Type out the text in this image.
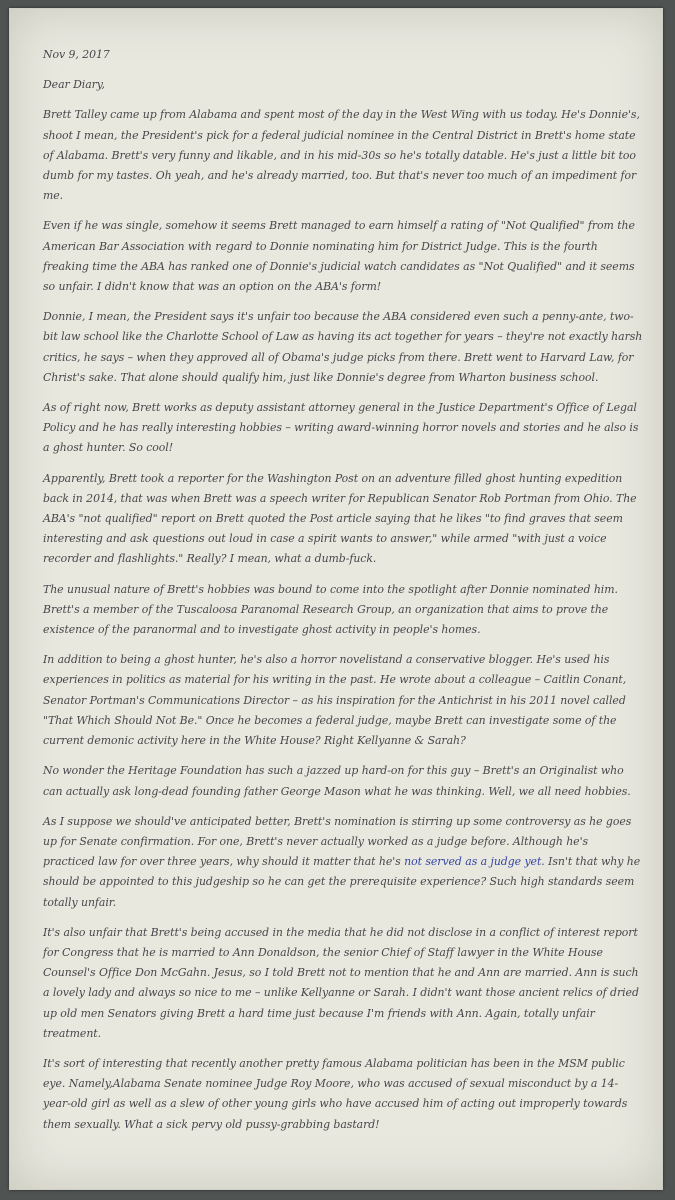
Nov 9, 2017

Dear Diary,

Brett Talley came up from Alabama and spent most of the day in the West Wing with us today. He's Donnie's, shoot I mean, the President's pick for a federal judicial nominee in the Central District in Brett's home state of Alabama. Brett's very funny and likable, and in his mid-30s so he's totally datable. He's just a little bit too dumb for my tastes. Oh yeah, and he's already married, too. But that's never too much of an impediment for me.

Even if he was single, somehow it seems Brett managed to earn himself a rating of "Not Qualified" from the American Bar Association with regard to Donnie nominating him for District Judge. This is the fourth freaking time the ABA has ranked one of Donnie's judicial watch candidates as "Not Qualified" and it seems so unfair. I didn't know that was an option on the ABA's form!

Donnie, I mean, the President says it's unfair too because the ABA considered even such a penny-ante, two-bit law school like the Charlotte School of Law as having its act together for years – they're not exactly harsh critics, he says – when they approved all of Obama's judge picks from there. Brett went to Harvard Law, for Christ's sake. That alone should qualify him, just like Donnie's degree from Wharton business school.

As of right now, Brett works as deputy assistant attorney general in the Justice Department's Office of Legal Policy and he has really interesting hobbies – writing award-winning horror novels and stories and he also is a ghost hunter. So cool!

Apparently, Brett took a reporter for the Washington Post on an adventure filled ghost hunting expedition back in 2014, that was when Brett was a speech writer for Republican Senator Rob Portman from Ohio. The ABA's "not qualified" report on Brett quoted the Post article saying that he likes "to find graves that seem interesting and ask questions out loud in case a spirit wants to answer," while armed "with just a voice recorder and flashlights." Really? I mean, what a dumb-fuck.

The unusual nature of Brett's hobbies was bound to come into the spotlight after Donnie nominated him. Brett's a member of the Tuscaloosa Paranomal Research Group, an organization that aims to prove the existence of the paranormal and to investigate ghost activity in people's homes.

In addition to being a ghost hunter, he's also a horror novelistand a conservative blogger. He's used his experiences in politics as material for his writing in the past. He wrote about a colleague – Caitlin Conant, Senator Portman's Communications Director – as his inspiration for the Antichrist in his 2011 novel called "That Which Should Not Be." Once he becomes a federal judge, maybe Brett can investigate some of the current demonic activity here in the White House? Right Kellyanne & Sarah?

No wonder the Heritage Foundation has such a jazzed up hard-on for this guy – Brett's an Originalist who can actually ask long-dead founding father George Mason what he was thinking. Well, we all need hobbies.

As I suppose we should've anticipated better, Brett's nomination is stirring up some controversy as he goes up for Senate confirmation. For one, Brett's never actually worked as a judge before. Although he's practiced law for over three years, why should it matter that he's not served as a judge yet. Isn't that why he should be appointed to this judgeship so he can get the prerequisite experience? Such high standards seem totally unfair.

It's also unfair that Brett's being accused in the media that he did not disclose in a conflict of interest report for Congress that he is married to Ann Donaldson, the senior Chief of Staff lawyer in the White House Counsel's Office Don McGahn. Jesus, so I told Brett not to mention that he and Ann are married. Ann is such a lovely lady and always so nice to me – unlike Kellyanne or Sarah. I didn't want those ancient relics of dried up old men Senators giving Brett a hard time just because I'm friends with Ann. Again, totally unfair treatment.

It's sort of interesting that recently another pretty famous Alabama politician has been in the MSM public eye. Namely,Alabama Senate nominee Judge Roy Moore, who was accused of sexual misconduct by a 14-year-old girl as well as a slew of other young girls who have accused him of acting out improperly towards them sexually. What a sick pervy old pussy-grabbing bastard!
